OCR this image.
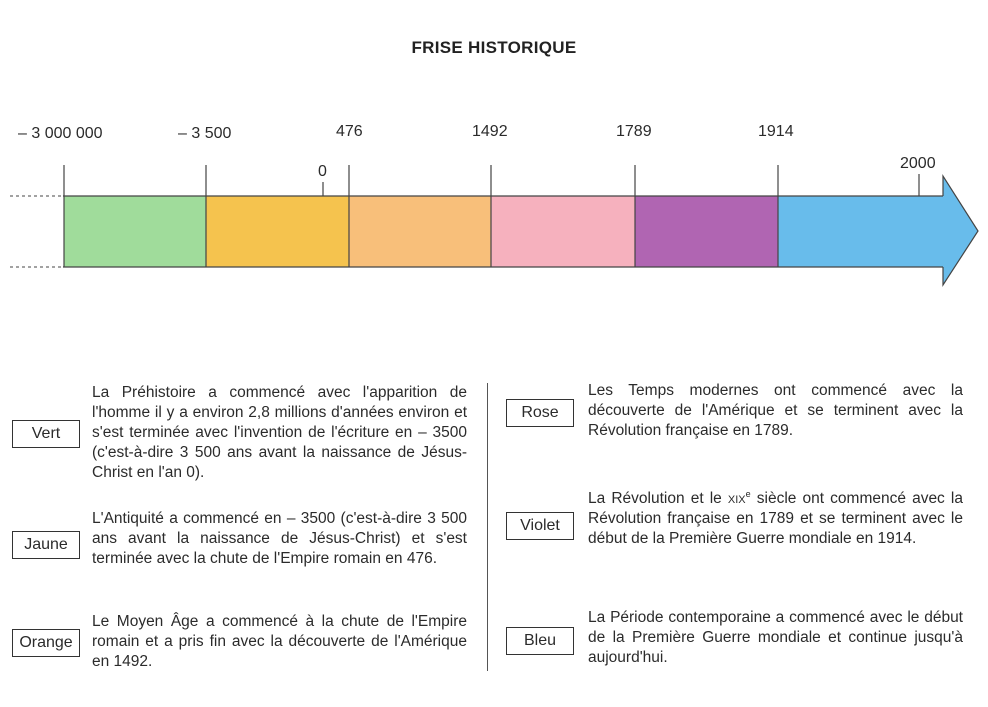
FRISE HISTORIQUE
– 3 000 000	– 3 500	476	1492	1789	1914
0	2000
Vert
La Préhistoire a commencé avec l'apparition de l'homme il y a environ 2,8 millions d'années environ et s'est terminée avec l'invention de l'écriture en – 3500 (c'est-à-dire 3 500 ans avant la naissance de Jésus-Christ en l'an 0).
Jaune
L'Antiquité a commencé en – 3500 (c'est-à-dire 3 500 ans avant la naissance de Jésus-Christ) et s'est terminée avec la chute de l'Empire romain en 476.
Orange
Le Moyen Âge a commencé à la chute de l'Empire romain et a pris fin avec la découverte de l'Amérique en 1492.
Rose
Les Temps modernes ont commencé avec la découverte de l'Amérique et se terminent avec la Révolution française en 1789.
Violet
La Révolution et le xix$^e$ siècle ont commencé avec la Révolution française en 1789 et se terminent avec le début de la Première Guerre mondiale en 1914.
Bleu
La Période contemporaine a commencé avec le début de la Première Guerre mondiale et continue jusqu'à aujourd'hui.
